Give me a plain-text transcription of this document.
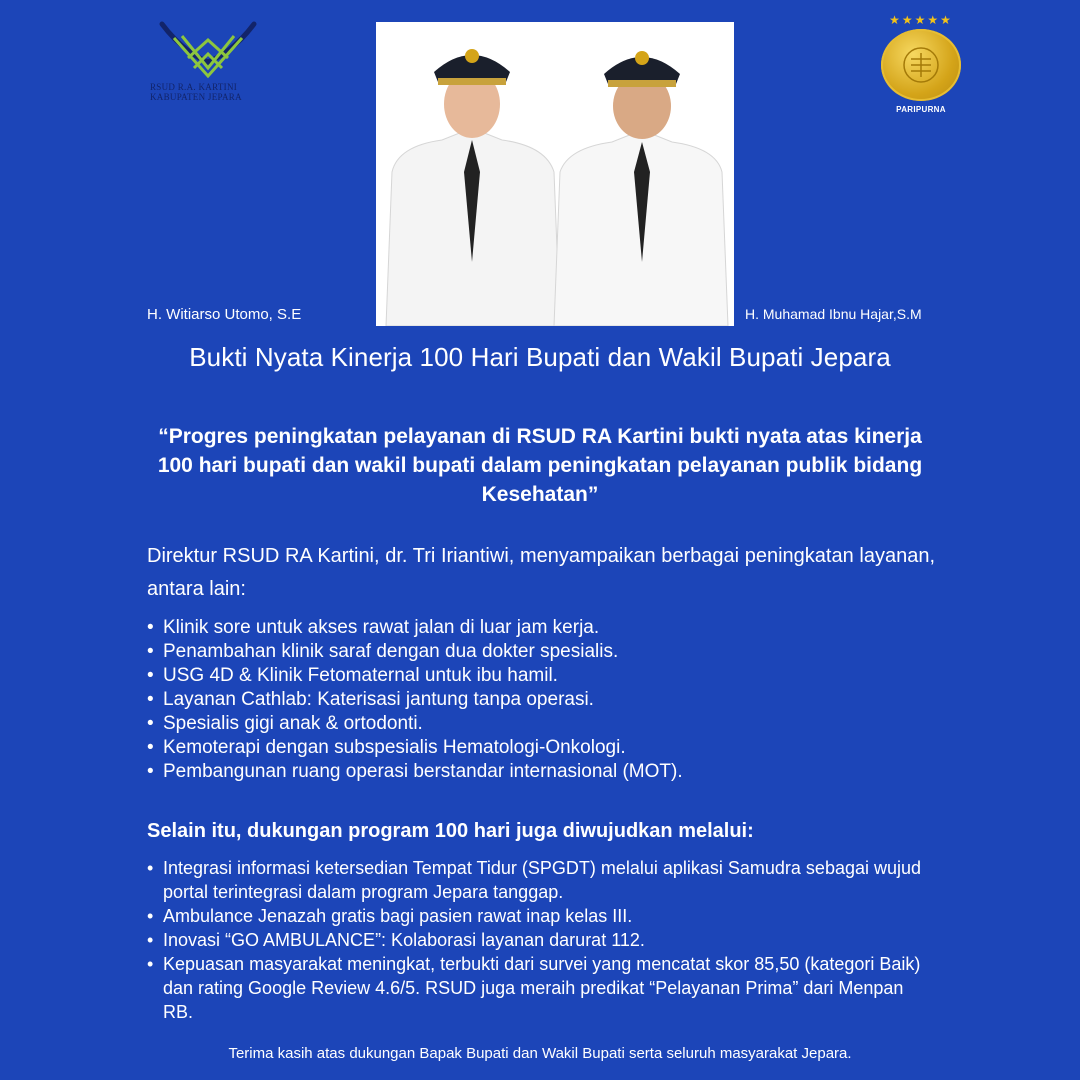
RSUD R.A. KARTINI
KABUPATEN JEPARA
★★★★★
PARIPURNA
H. Witiarso Utomo, S.E	H. Muhamad Ibnu Hajar,S.M
Bukti Nyata Kinerja 100 Hari Bupati dan Wakil Bupati Jepara
“Progres peningkatan pelayanan di RSUD RA Kartini bukti nyata atas kinerja 100 hari bupati dan wakil bupati dalam peningkatan pelayanan publik bidang Kesehatan”
Direktur RSUD RA Kartini, dr. Tri Iriantiwi, menyampaikan berbagai peningkatan layanan, antara lain:
• Klinik sore untuk akses rawat jalan di luar jam kerja.
• Penambahan klinik saraf dengan dua dokter spesialis.
• USG 4D & Klinik Fetomaternal untuk ibu hamil.
• Layanan Cathlab: Katerisasi jantung tanpa operasi.
• Spesialis gigi anak & ortodonti.
• Kemoterapi dengan subspesialis Hematologi-Onkologi.
• Pembangunan ruang operasi berstandar internasional (MOT).
Selain itu, dukungan program 100 hari juga diwujudkan melalui:
• Integrasi informasi ketersedian Tempat Tidur (SPGDT) melalui aplikasi Samudra sebagai wujud portal terintegrasi dalam program Jepara tanggap.
• Ambulance Jenazah gratis bagi pasien rawat inap kelas III.
• Inovasi “GO AMBULANCE”: Kolaborasi layanan darurat 112.
• Kepuasan masyarakat meningkat, terbukti dari survei yang mencatat skor 85,50 (kategori Baik) dan rating Google Review 4.6/5. RSUD juga meraih predikat “Pelayanan Prima” dari Menpan RB.
Terima kasih atas dukungan Bapak Bupati dan Wakil Bupati serta seluruh masyarakat Jepara.
